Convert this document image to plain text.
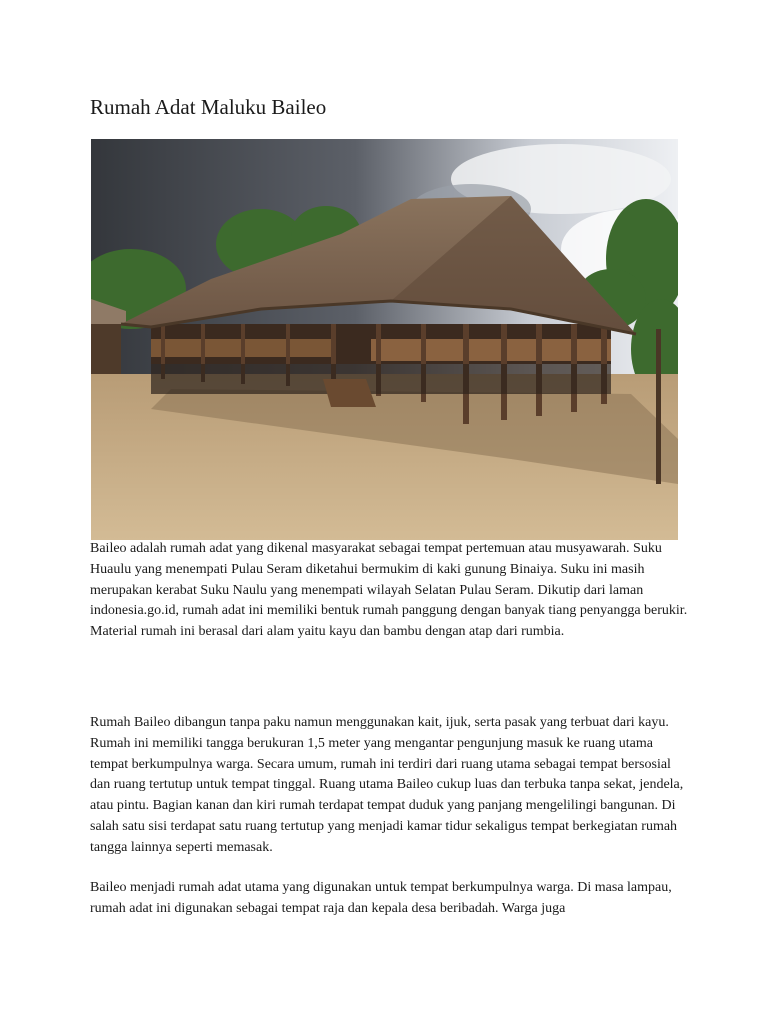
Rumah Adat Maluku Baileo

Baileo adalah rumah adat yang dikenal masyarakat sebagai tempat pertemuan atau musyawarah. Suku Huaulu yang menempati Pulau Seram diketahui bermukim di kaki gunung Binaiya. Suku ini masih merupakan kerabat Suku Naulu yang menempati wilayah Selatan Pulau Seram. Dikutip dari laman indonesia.go.id, rumah adat ini memiliki bentuk rumah panggung dengan banyak tiang penyangga berukir. Material rumah ini berasal dari alam yaitu kayu dan bambu dengan atap dari rumbia.

Rumah Baileo dibangun tanpa paku namun menggunakan kait, ijuk, serta pasak yang terbuat dari kayu. Rumah ini memiliki tangga berukuran 1,5 meter yang mengantar pengunjung masuk ke ruang utama tempat berkumpulnya warga. Secara umum, rumah ini terdiri dari ruang utama sebagai tempat bersosial dan ruang tertutup untuk tempat tinggal. Ruang utama Baileo cukup luas dan terbuka tanpa sekat, jendela, atau pintu. Bagian kanan dan kiri rumah terdapat tempat duduk yang panjang mengelilingi bangunan. Di salah satu sisi terdapat satu ruang tertutup yang menjadi kamar tidur sekaligus tempat berkegiatan rumah tangga lainnya seperti memasak.

Baileo menjadi rumah adat utama yang digunakan untuk tempat berkumpulnya warga. Di masa lampau, rumah adat ini digunakan sebagai tempat raja dan kepala desa beribadah. Warga juga
